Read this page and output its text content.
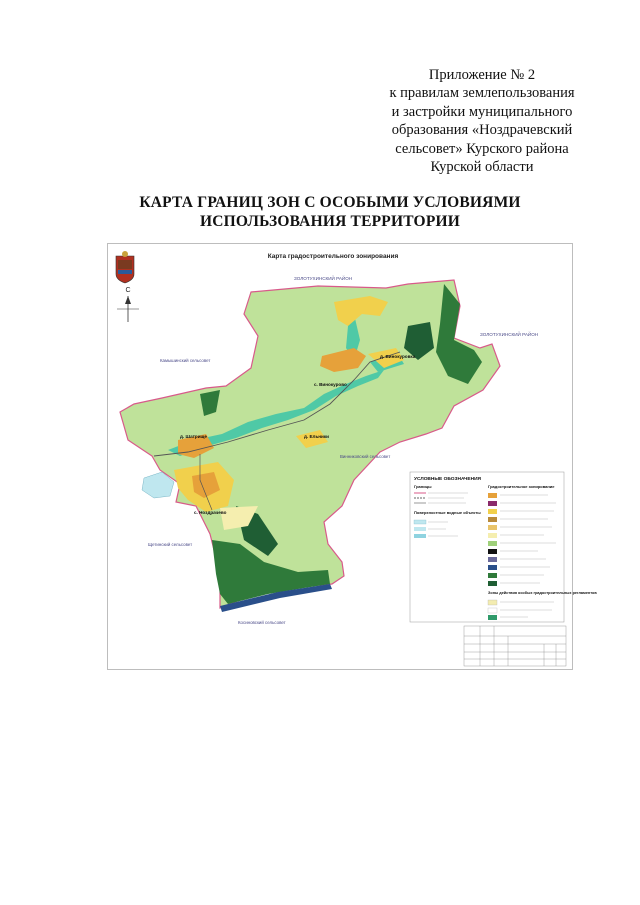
Приложение № 2
к правилам землепользования
и застройки муниципального
образования «Ноздрачевский
сельсовет» Курского района
Курской области
КАРТА ГРАНИЦ ЗОН С ОСОБЫМИ УСЛОВИЯМИ
ИСПОЛЬЗОВАНИЯ ТЕРРИТОРИИ
Карта градостроительного зонирования
С
ЗОЛОТУХИНСКИЙ РАЙОН
ЗОЛОТУХИНСКИЙ РАЙОН
Камышинский сельсовет
Щетинский сельсовет
Винниковский сельсовет
Косиновский сельсовет
с. Винокурово
д. Винокуровка
д. Шатрище	д. Ельники
с. Ноздрачево
УСЛОВНЫЕ ОБОЗНАЧЕНИЯ
Границы
Поверхностные водные объекты
Градостроительное зонирование
Зоны действия особых градостроительных регламентов
